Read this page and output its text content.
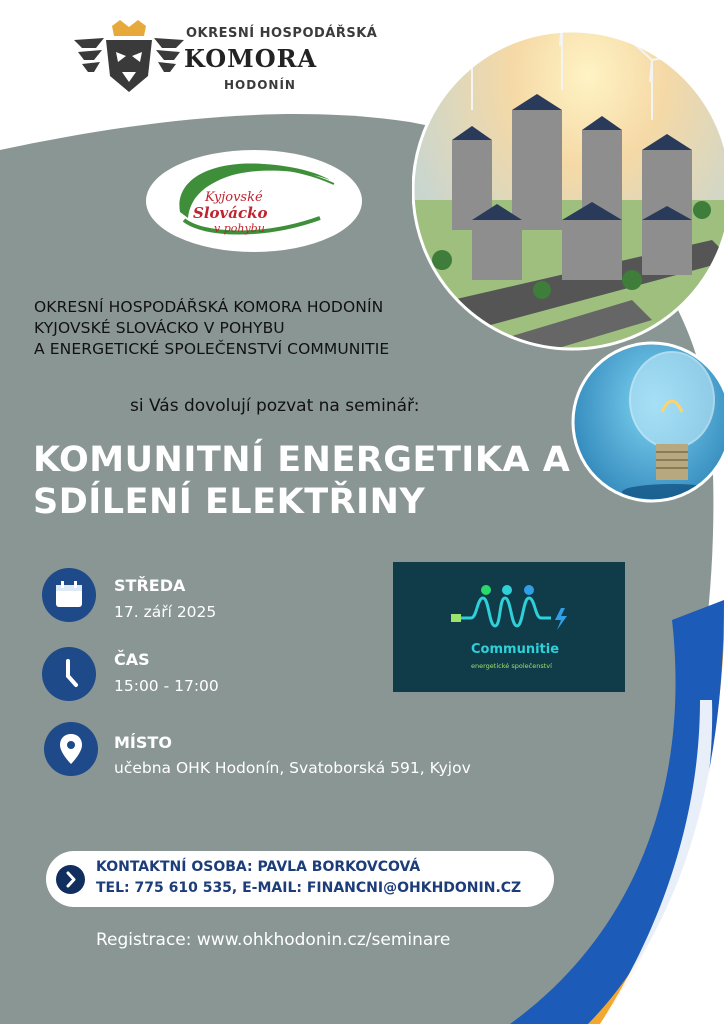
OKRESNÍ HOSPODÁŘSKÁ
KOMORA
HODONÍN
Kyjovské
Slovácko
v pohybu
OKRESNÍ HOSPODÁŘSKÁ KOMORA HODONÍN
KYJOVSKÉ SLOVÁCKO V POHYBU
A ENERGETICKÉ SPOLEČENSTVÍ COMMUNITIE
si Vás dovolují pozvat na seminář:
KOMUNITNÍ ENERGETIKA A
SDÍLENÍ ELEKTŘINY
STŘEDA
17. září 2025
ČAS
15:00 - 17:00
MÍSTO
učebna OHK Hodonín, Svatoborská 591, Kyjov
Communitie
energetické společenství
KONTAKTNÍ OSOBA: PAVLA BORKOVCOVÁ
TEL: 775 610 535, E-MAIL: FINANCNI@OHKHDONIN.CZ
Registrace: www.ohkhodonin.cz/seminare
